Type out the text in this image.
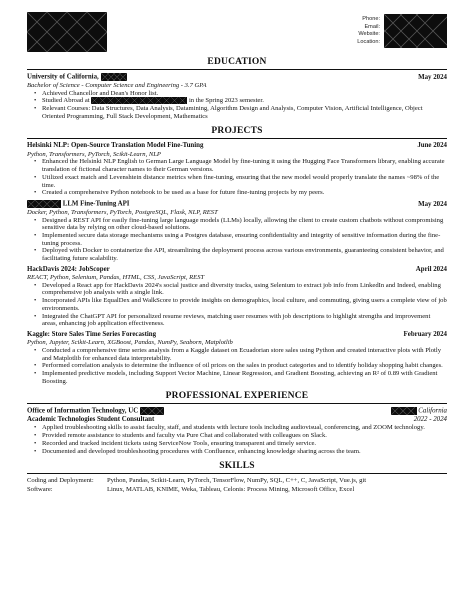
Phone:
Email:
Website:
Location:
EDUCATION
University of California,	May 2024
Bachelor of Science - Computer Science and Engineering - 3.7 GPA
• Achieved Chancellor and Dean's Honor list.
• Studied Abroad at	in the Spring 2023 semester.
• Relevant Courses: Data Structures, Data Analysis, Datamining, Algorithm Design and Analysis, Computer Vision, Artificial Intelligence, Object Oriented Programming, Full Stack Development, Mathematics
PROJECTS
Helsinki NLP: Open-Source Translation Model Fine-Tuning	June 2024
Python, Transformers, PyTorch, Scikit-Learn, NLP
• Enhanced the Helsinki NLP English to German Large Language Model by fine-tuning it using the Hugging Face Transformers library, enabling accurate translation of fictional character names to their German versions.
• Utilized exact match and Levenshtein distance metrics when fine-tuning, ensuring that the new model would properly translate the names ~98% of the time.
• Created a comprehensive Python notebook to be used as a base for future fine-tuning projects by my peers.
LLM Fine-Tuning API	May 2024
Docker, Python, Transformers, PyTorch, PostgreSQL, Flask, NLP, REST
• Designed a REST API for easily fine-tuning large language models (LLMs) locally, allowing the client to create custom chatbots without compromising sensitive data by relying on other cloud-based solutions.
• Implemented secure data storage mechanisms using a Postgres database, ensuring confidentiality and integrity of sensitive information during the fine-tuning process.
• Deployed with Docker to containerize the API, streamlining the deployment process across various environments, guaranteeing consistent behavior, and facilitating future scalability.
HackDavis 2024: JobScoper	April 2024
REACT, Python, Selenium, Pandas, HTML, CSS, JavaScript, REST
• Developed a React app for HackDavis 2024's social justice and diversity tracks, using Selenium to extract job info from LinkedIn and Indeed, enabling comprehensive job analysis with a single link.
• Incorporated APIs like EqualDex and WalkScore to provide insights on demographics, local culture, and commuting, giving users a complete view of job environments.
• Integrated the ChatGPT API for personalized resume reviews, matching user resumes with job descriptions to highlight strengths and improvement areas, enhancing job application effectiveness.
Kaggle: Store Sales Time Series Forecasting	February 2024
Python, Jupyter, Scikit-Learn, XGBoost, Pandas, NumPy, Seaborn, Matplotlib
• Conducted a comprehensive time series analysis from a Kaggle dataset on Ecuadorian store sales using Python and created interactive plots with Plotly and Matplotlib for enhanced data interpretability.
• Performed correlation analysis to determine the influence of oil prices on the sales in product categories and to identify holiday shopping habit changes.
• Implemented predictive models, including Support Vector Machine, Linear Regression, and Gradient Boosting, achieving an R² of 0.89 with Gradient Boosting.
PROFESSIONAL EXPERIENCE
Office of Information Technology, UC	California
Academic Technologies Student Consultant	2022 - 2024
• Applied troubleshooting skills to assist faculty, staff, and students with lecture tools including audiovisual, conferencing, and ZOOM technology.
• Provided remote assistance to students and faculty via Pure Chat and collaborated with colleagues on Slack.
• Recorded and tracked incident tickets using ServiceNow Tools, ensuring transparent and timely service.
• Documented and developed troubleshooting procedures with Confluence, enhancing knowledge sharing across the team.
SKILLS
Coding and Deployment:	Python, Pandas, Scikit-Learn, PyTorch, TensorFlow, NumPy, SQL, C++, C, JavaScript, Vue.js, git
Software:	Linux, MATLAB, KNIME, Weka, Tableau, Celonis: Process Mining, Microsoft Office, Excel
